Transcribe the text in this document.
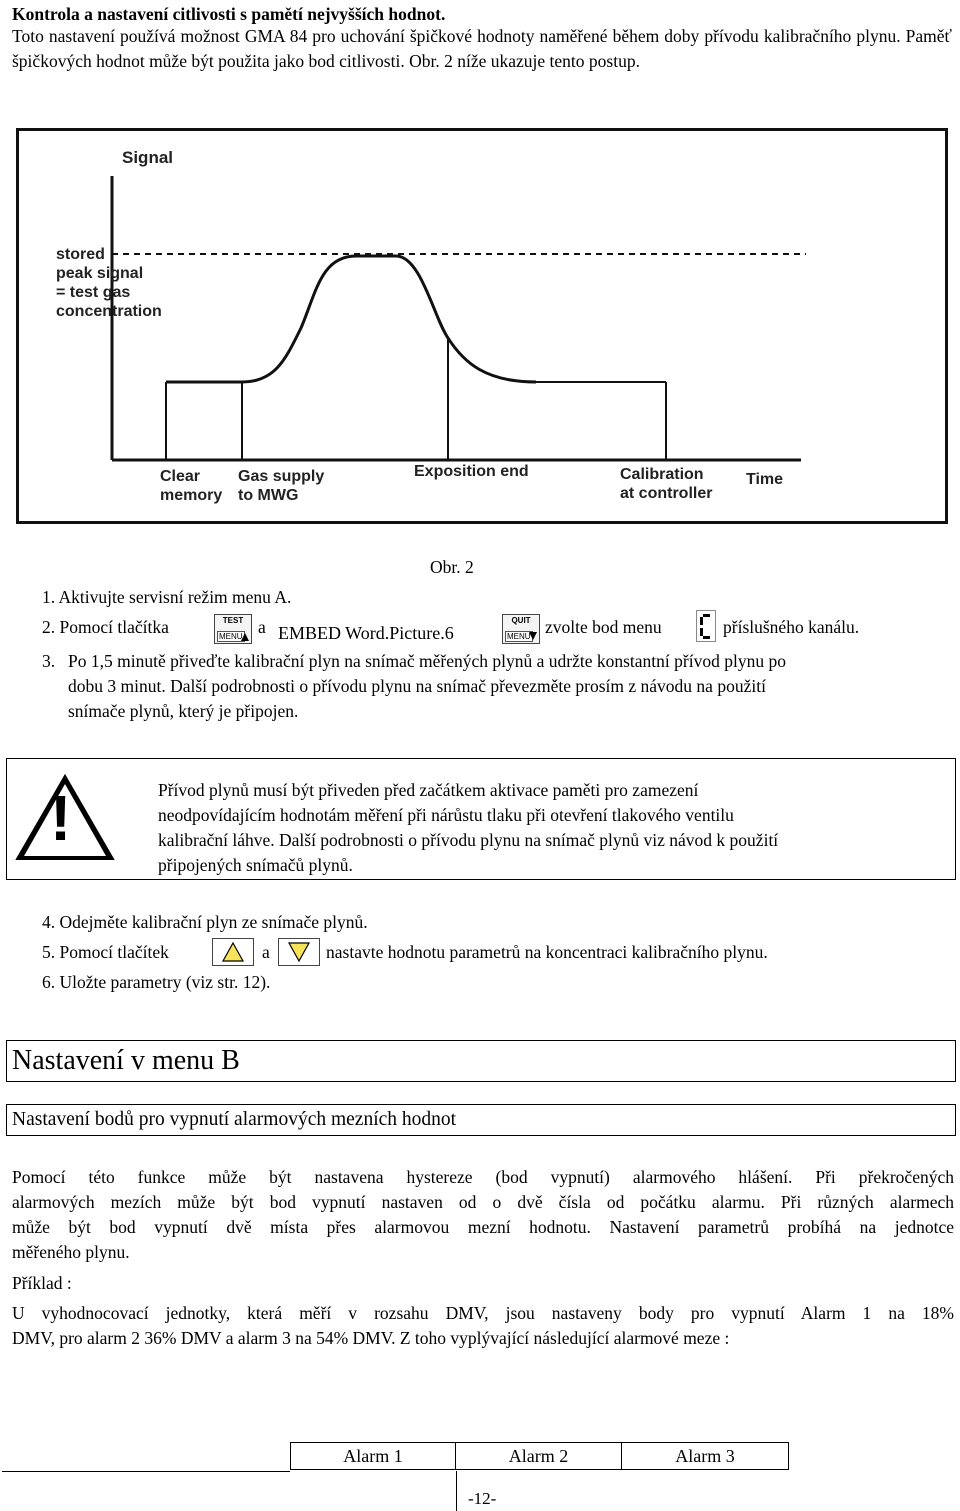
Kontrola a nastavení citlivosti s pamětí nejvyšších hodnot.
Toto nastavení používá možnost GMA 84 pro uchování špičkové hodnoty naměřené během doby přívodu kalibračního plynu. Paměť špičkových hodnot může být použita jako bod citlivosti. Obr. 2 níže ukazuje tento postup.
Signal
stored
peak signal
= test gas
concentration
Clear
memory
Gas supply
to MWG
Exposition end	Calibration
at controller
Time
Obr. 2
1. Aktivujte servisní režim menu A.
2. Pomocí tlačítka	TEST
MENU a EMBED Word.Picture.6
QUIT
MENU zvolte bod menu	příslušného kanálu.
3. Po 1,5 minutě přiveďte kalibrační plyn na snímač měřených plynů a udržte konstantní přívod plynu po
dobu 3 minut. Další podrobnosti o přívodu plynu na snímač převezměte prosím z návodu na použití
snímače plynů, který je připojen.
!	Přívod plynů musí být přiveden před začátkem aktivace paměti pro zamezení
neodpovídajícím hodnotám měření při nárůstu tlaku při otevření tlakového ventilu
kalibrační láhve. Další podrobnosti o přívodu plynu na snímač plynů viz návod k použití
připojených snímačů plynů.
4. Odejměte kalibrační plyn ze snímače plynů.
5. Pomocí tlačítek	a	nastavte hodnotu parametrů na koncentraci kalibračního plynu.
6. Uložte parametry (viz str. 12).
Nastavení v menu B
Nastavení bodů pro vypnutí alarmových mezních hodnot
Pomocí této funkce může být nastavena hystereze (bod vypnutí) alarmového hlášení. Při překročených
alarmových mezích může být bod vypnutí nastaven od o dvě čísla od počátku alarmu. Při různých alarmech
může být bod vypnutí dvě místa přes alarmovou mezní hodnotu. Nastavení parametrů probíhá na jednotce
měřeného plynu.
Příklad :
U vyhodnocovací jednotky, která měří v rozsahu DMV, jsou nastaveny body pro vypnutí Alarm 1 na 18%
DMV, pro alarm 2 36% DMV a alarm 3 na 54% DMV. Z toho vyplývající následující alarmové meze :
Alarm 1	Alarm 2	Alarm 3
-12-
